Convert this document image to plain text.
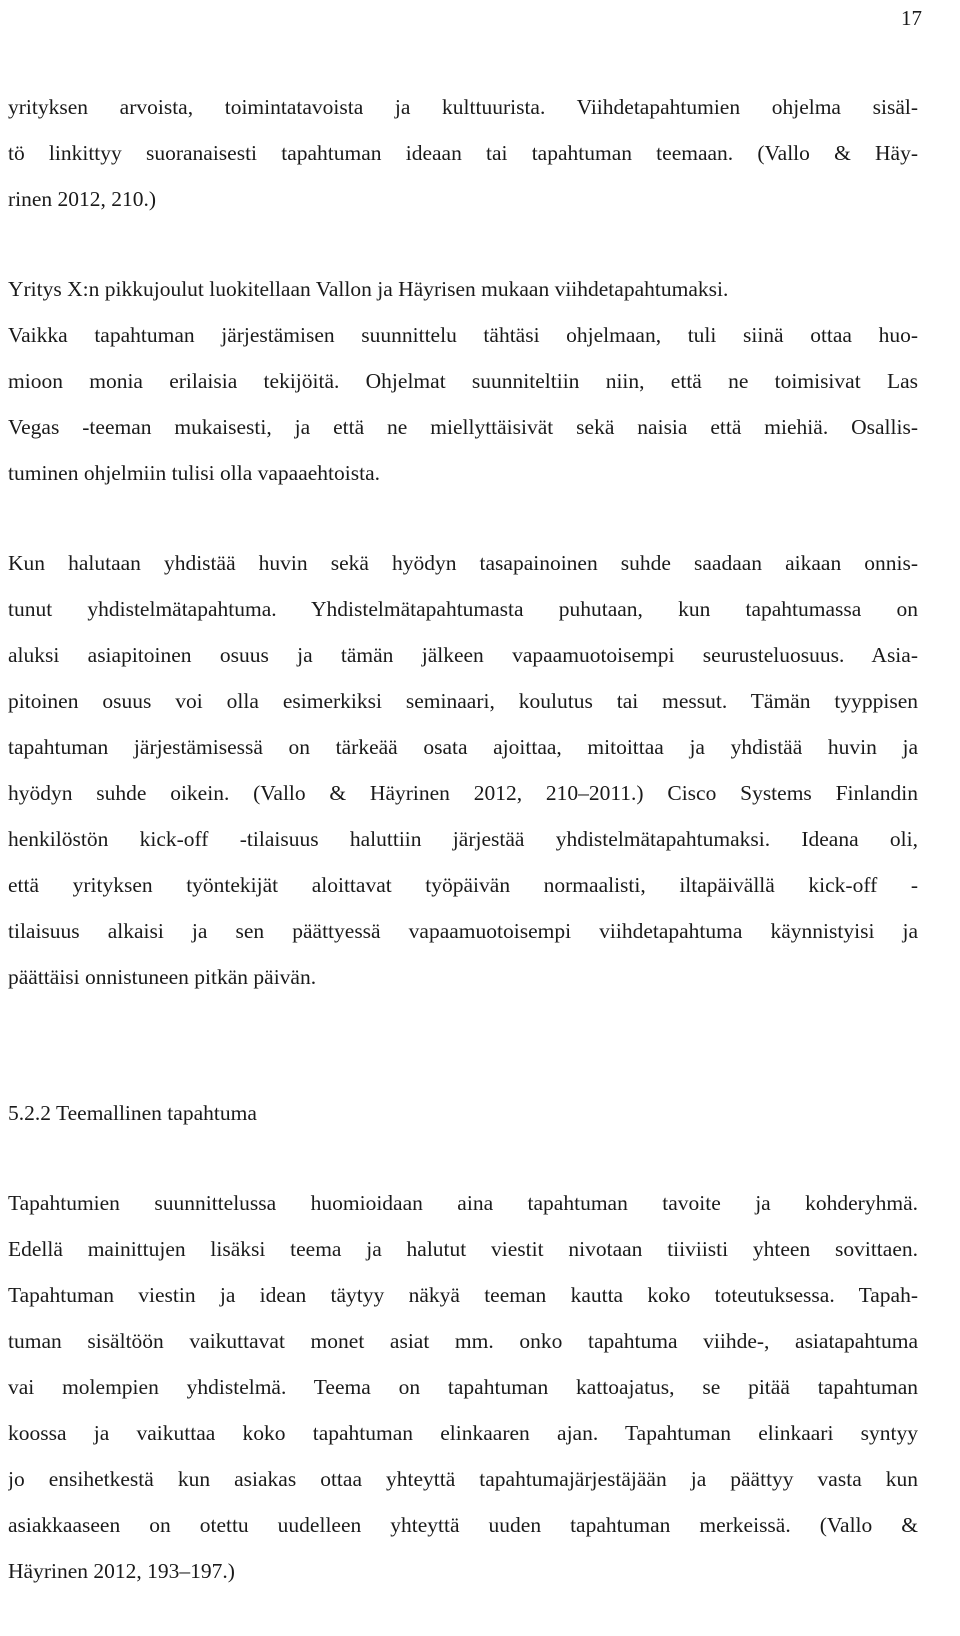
17
yrityksen arvoista, toimintatavoista ja kulttuurista. Viihdetapahtumien ohjelma sisäl-
tö linkittyy suoranaisesti tapahtuman ideaan tai tapahtuman teemaan. (Vallo & Häy-
rinen 2012, 210.)
Yritys X:n pikkujoulut luokitellaan Vallon ja Häyrisen mukaan viihdetapahtumaksi.
Vaikka tapahtuman järjestämisen suunnittelu tähtäsi ohjelmaan, tuli siinä ottaa huo-
mioon monia erilaisia tekijöitä. Ohjelmat suunniteltiin niin, että ne toimisivat Las
Vegas -teeman mukaisesti, ja että ne miellyttäisivät sekä naisia että miehiä. Osallis-
tuminen ohjelmiin tulisi olla vapaaehtoista.
Kun halutaan yhdistää huvin sekä hyödyn tasapainoinen suhde saadaan aikaan onnis-
tunut yhdistelmätapahtuma. Yhdistelmätapahtumasta puhutaan, kun tapahtumassa on
aluksi asiapitoinen osuus ja tämän jälkeen vapaamuotoisempi seurusteluosuus. Asia-
pitoinen osuus voi olla esimerkiksi seminaari, koulutus tai messut. Tämän tyyppisen
tapahtuman järjestämisessä on tärkeää osata ajoittaa, mitoittaa ja yhdistää huvin ja
hyödyn suhde oikein. (Vallo & Häyrinen 2012, 210–2011.) Cisco Systems Finlandin
henkilöstön kick-off -tilaisuus haluttiin järjestää yhdistelmätapahtumaksi. Ideana oli,
että yrityksen työntekijät aloittavat työpäivän normaalisti, iltapäivällä kick-off -
tilaisuus alkaisi ja sen päättyessä vapaamuotoisempi viihdetapahtuma käynnistyisi ja
päättäisi onnistuneen pitkän päivän.
5.2.2 Teemallinen tapahtuma
Tapahtumien suunnittelussa huomioidaan aina tapahtuman tavoite ja kohderyhmä.
Edellä mainittujen lisäksi teema ja halutut viestit nivotaan tiiviisti yhteen sovittaen.
Tapahtuman viestin ja idean täytyy näkyä teeman kautta koko toteutuksessa. Tapah-
tuman sisältöön vaikuttavat monet asiat mm. onko tapahtuma viihde-, asiatapahtuma
vai molempien yhdistelmä. Teema on tapahtuman kattoajatus, se pitää tapahtuman
koossa ja vaikuttaa koko tapahtuman elinkaaren ajan. Tapahtuman elinkaari syntyy
jo ensihetkestä kun asiakas ottaa yhteyttä tapahtumajärjestäjään ja päättyy vasta kun
asiakkaaseen on otettu uudelleen yhteyttä uuden tapahtuman merkeissä. (Vallo &
Häyrinen 2012, 193–197.)
